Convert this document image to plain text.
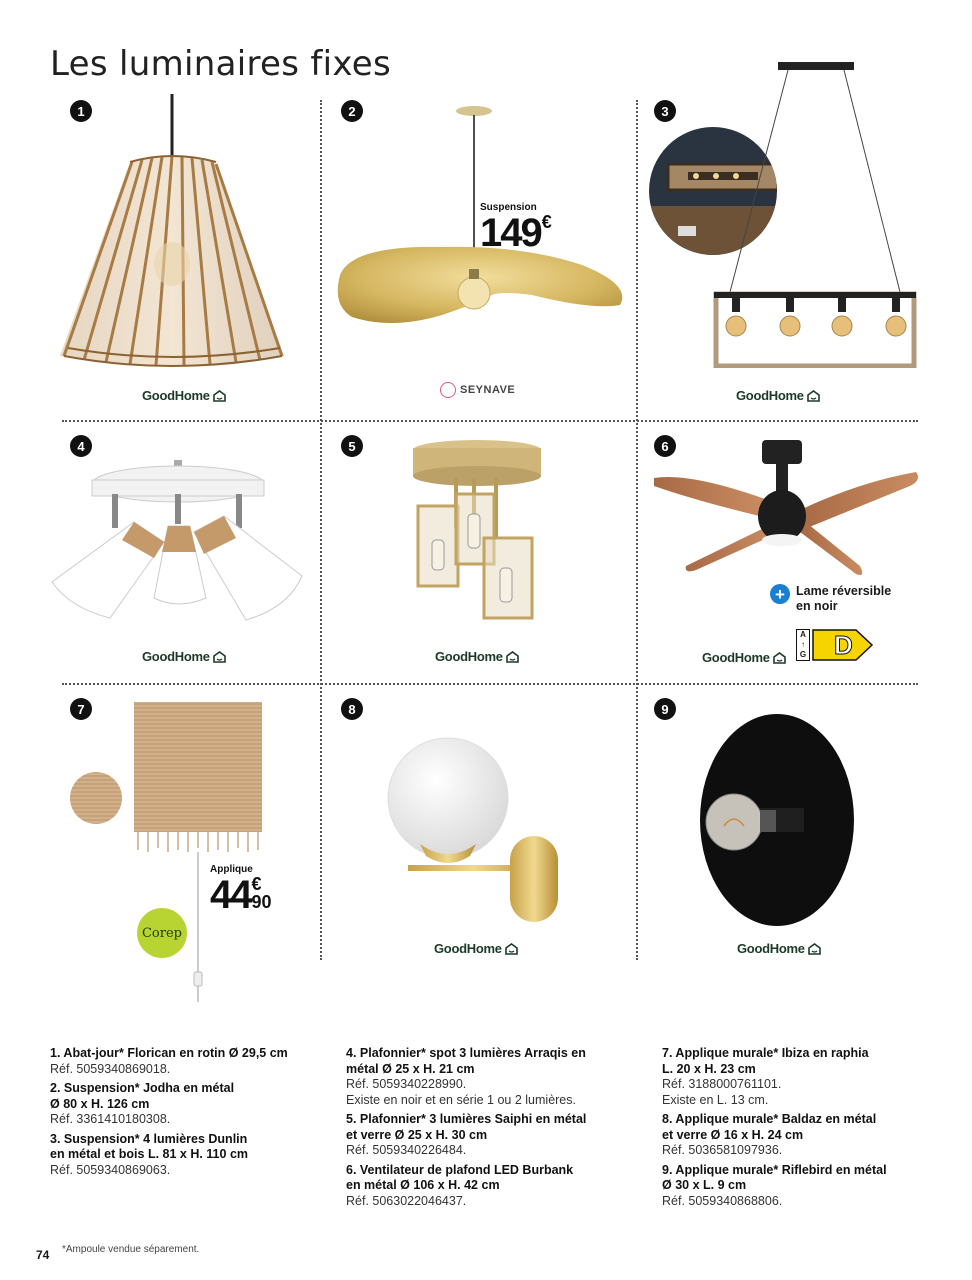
Les luminaires fixes
1
GoodHome
2
Suspension
149 €
SEYNAVE
3
GoodHome
4
GoodHome
5
GoodHome
6
+ Lame réversible
en noir
GoodHome
A
↑
G D
7
Applique
44 €
90
Corep
8
GoodHome
9
GoodHome
1. Abat-jour* Florican en rotin Ø 29,5 cm
Réf. 5059340869018.
2. Suspension* Jodha en métal
Ø 80 x H. 126 cm
Réf. 3361410180308.
3. Suspension* 4 lumières Dunlin
en métal et bois L. 81 x H. 110 cm
Réf. 5059340869063.
4. Plafonnier* spot 3 lumières Arraqis en
métal Ø 25 x H. 21 cm
Réf. 5059340228990.
Existe en noir et en série 1 ou 2 lumières.
5. Plafonnier* 3 lumières Saiphi en métal
et verre Ø 25 x H. 30 cm
Réf. 5059340226484.
6. Ventilateur de plafond LED Burbank
en métal Ø 106 x H. 42 cm
Réf. 5063022046437.
7. Applique murale* Ibiza en raphia
L. 20 x H. 23 cm
Réf. 3188000761101.
Existe en L. 13 cm.
8. Applique murale* Baldaz en métal
et verre Ø 16 x H. 24 cm
Réf. 5036581097936.
9. Applique murale* Riflebird en métal
Ø 30 x L. 9 cm
Réf. 5059340868806.
74 *Ampoule vendue séparement.
